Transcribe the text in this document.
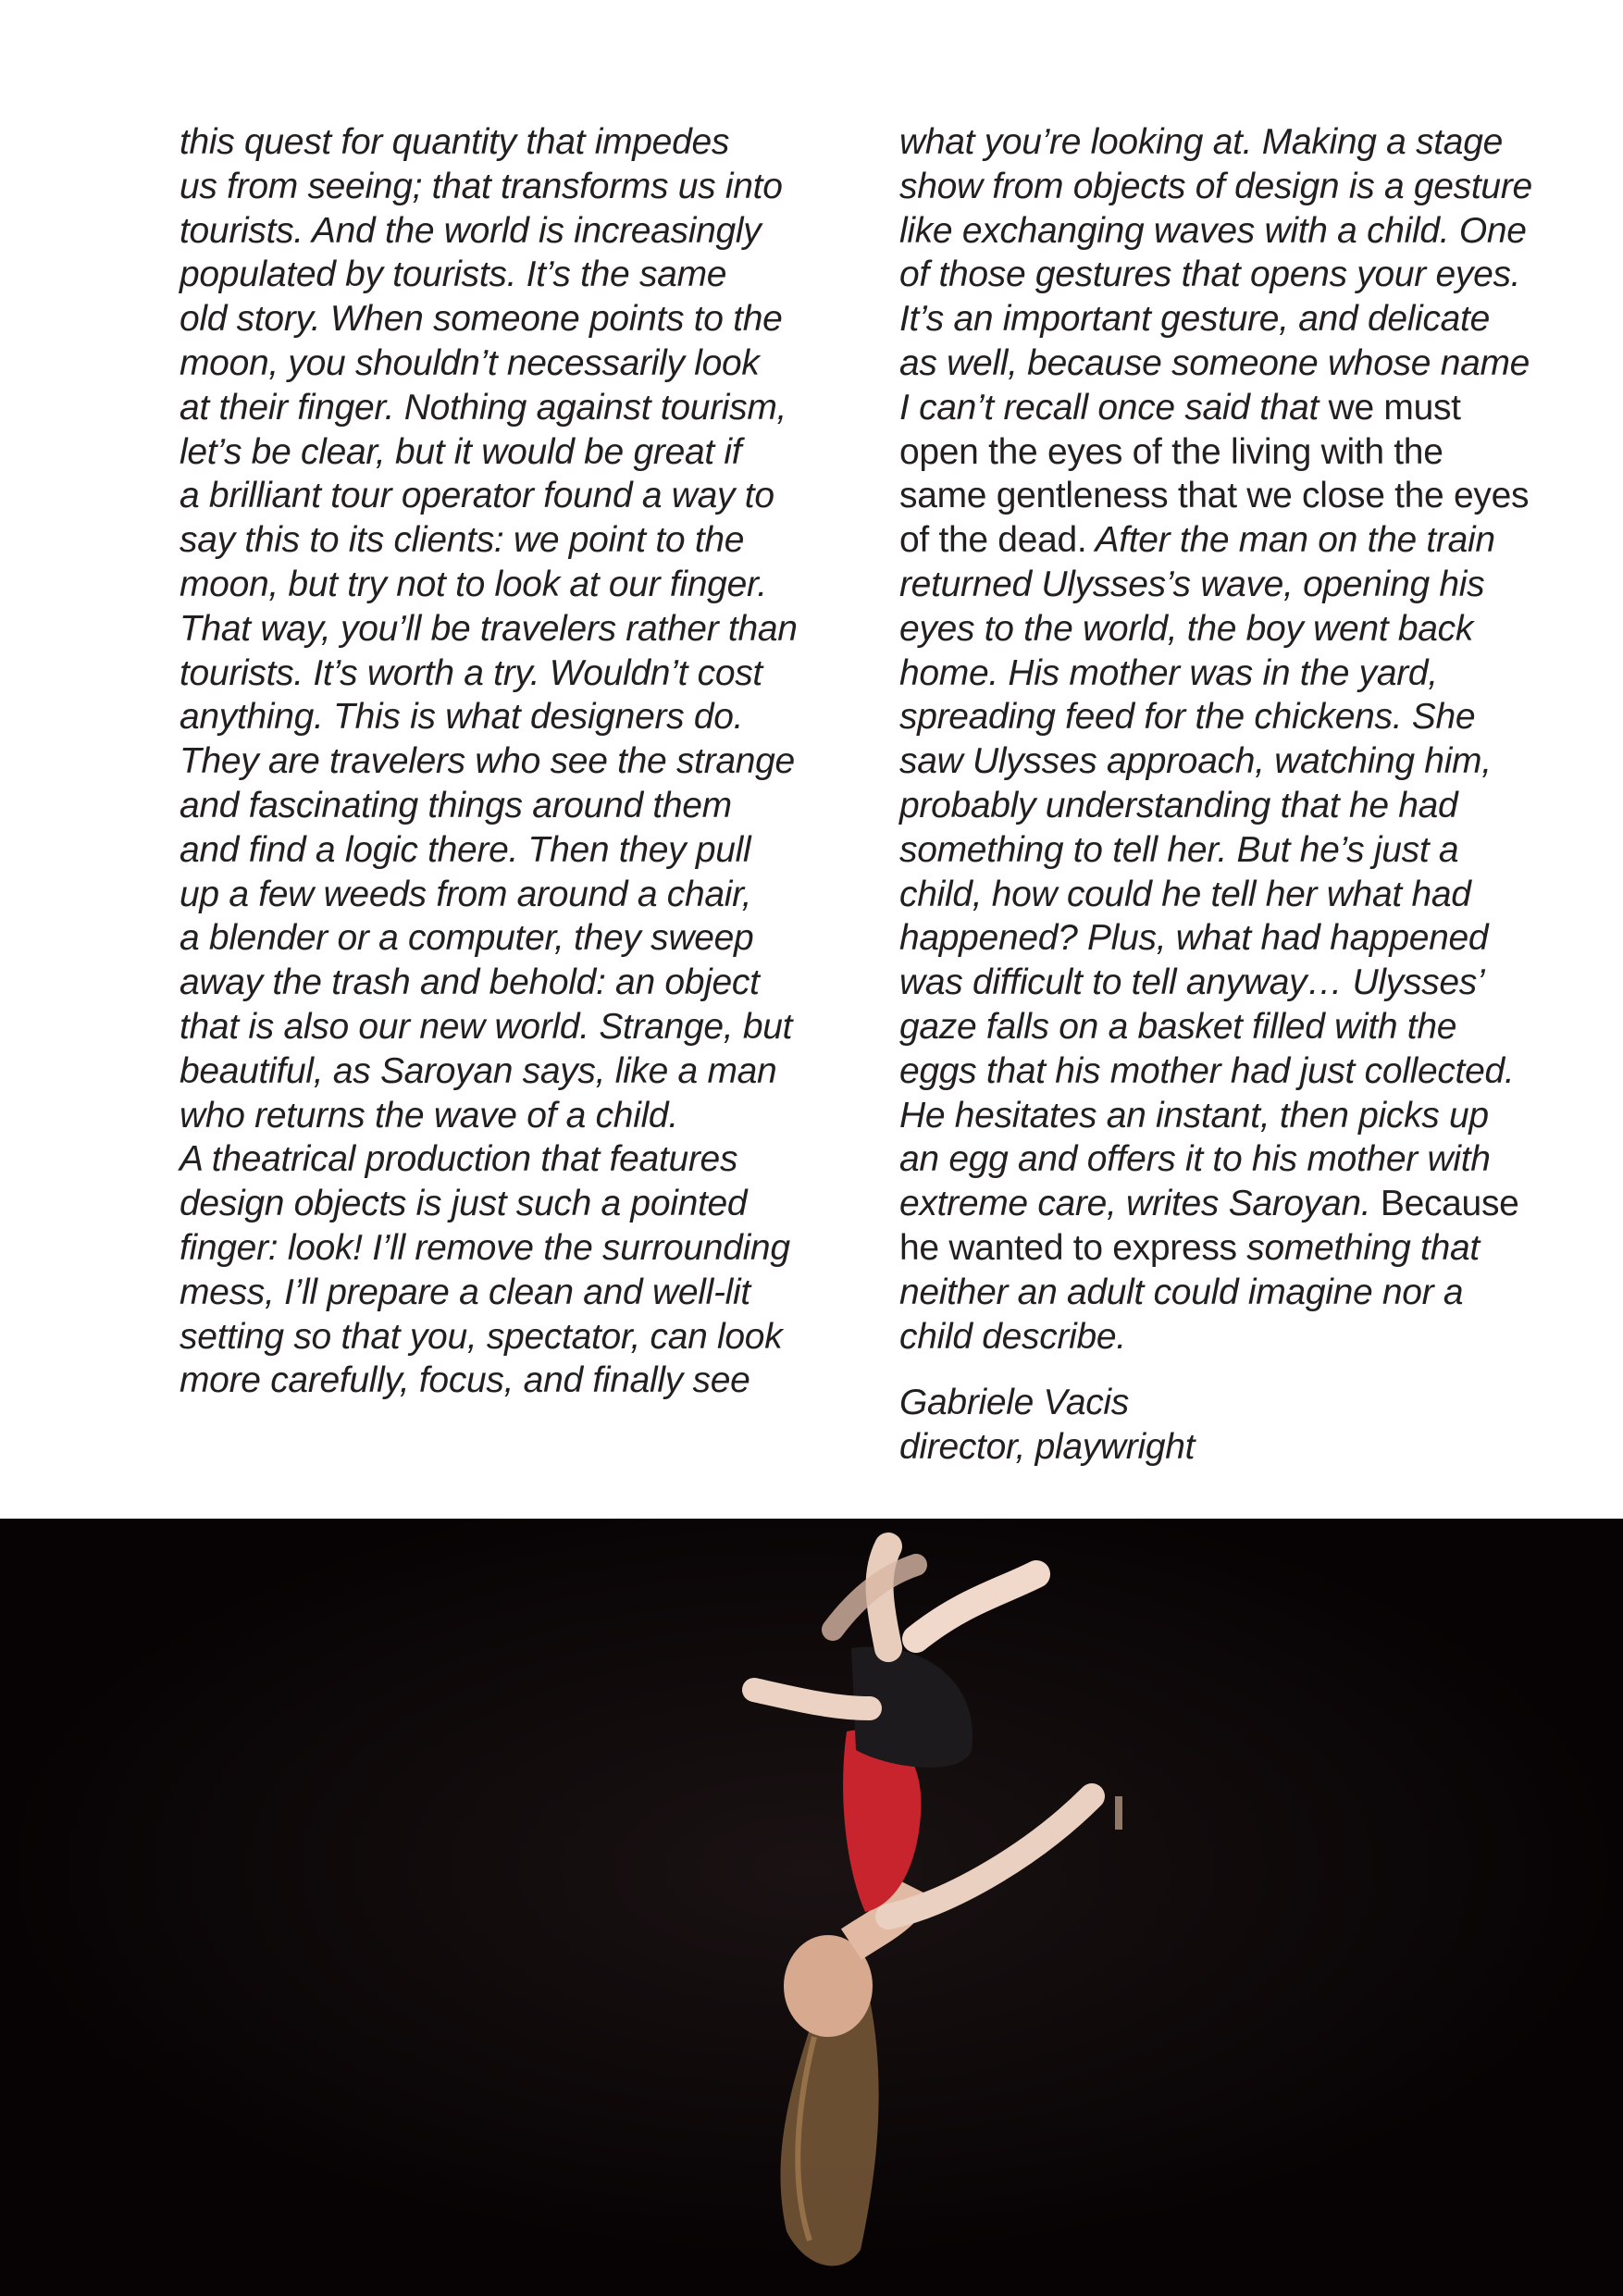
this quest for quantity that impedes
us from seeing; that transforms us into
tourists. And the world is increasingly
populated by tourists. It’s the same
old story. When someone points to the
moon, you shouldn’t necessarily look
at their finger. Nothing against tourism,
let’s be clear, but it would be great if
a brilliant tour operator found a way to
say this to its clients: we point to the
moon, but try not to look at our finger.
That way, you’ll be travelers rather than
tourists. It’s worth a try. Wouldn’t cost
anything. This is what designers do.
They are travelers who see the strange
and fascinating things around them
and find a logic there. Then they pull
up a few weeds from around a chair,
a blender or a computer, they sweep
away the trash and behold: an object
that is also our new world. Strange, but
beautiful, as Saroyan says, like a man
who returns the wave of a child.
A theatrical production that features
design objects is just such a pointed
finger: look! I’ll remove the surrounding
mess, I’ll prepare a clean and well-lit
setting so that you, spectator, can look
more carefully, focus, and finally see
what you’re looking at. Making a stage
show from objects of design is a gesture
like exchanging waves with a child. One
of those gestures that opens your eyes.
It’s an important gesture, and delicate
as well, because someone whose name
I can’t recall once said that we must
open the eyes of the living with the
same gentleness that we close the eyes
of the dead. After the man on the train
returned Ulysses’s wave, opening his
eyes to the world, the boy went back
home. His mother was in the yard,
spreading feed for the chickens. She
saw Ulysses approach, watching him,
probably understanding that he had
something to tell her. But he’s just a
child, how could he tell her what had
happened? Plus, what had happened
was difficult to tell anyway… Ulysses’
gaze falls on a basket filled with the
eggs that his mother had just collected.
He hesitates an instant, then picks up
an egg and offers it to his mother with
extreme care, writes Saroyan. Because
he wanted to express something that
neither an adult could imagine nor a
child describe.
Gabriele Vacis
director, playwright
